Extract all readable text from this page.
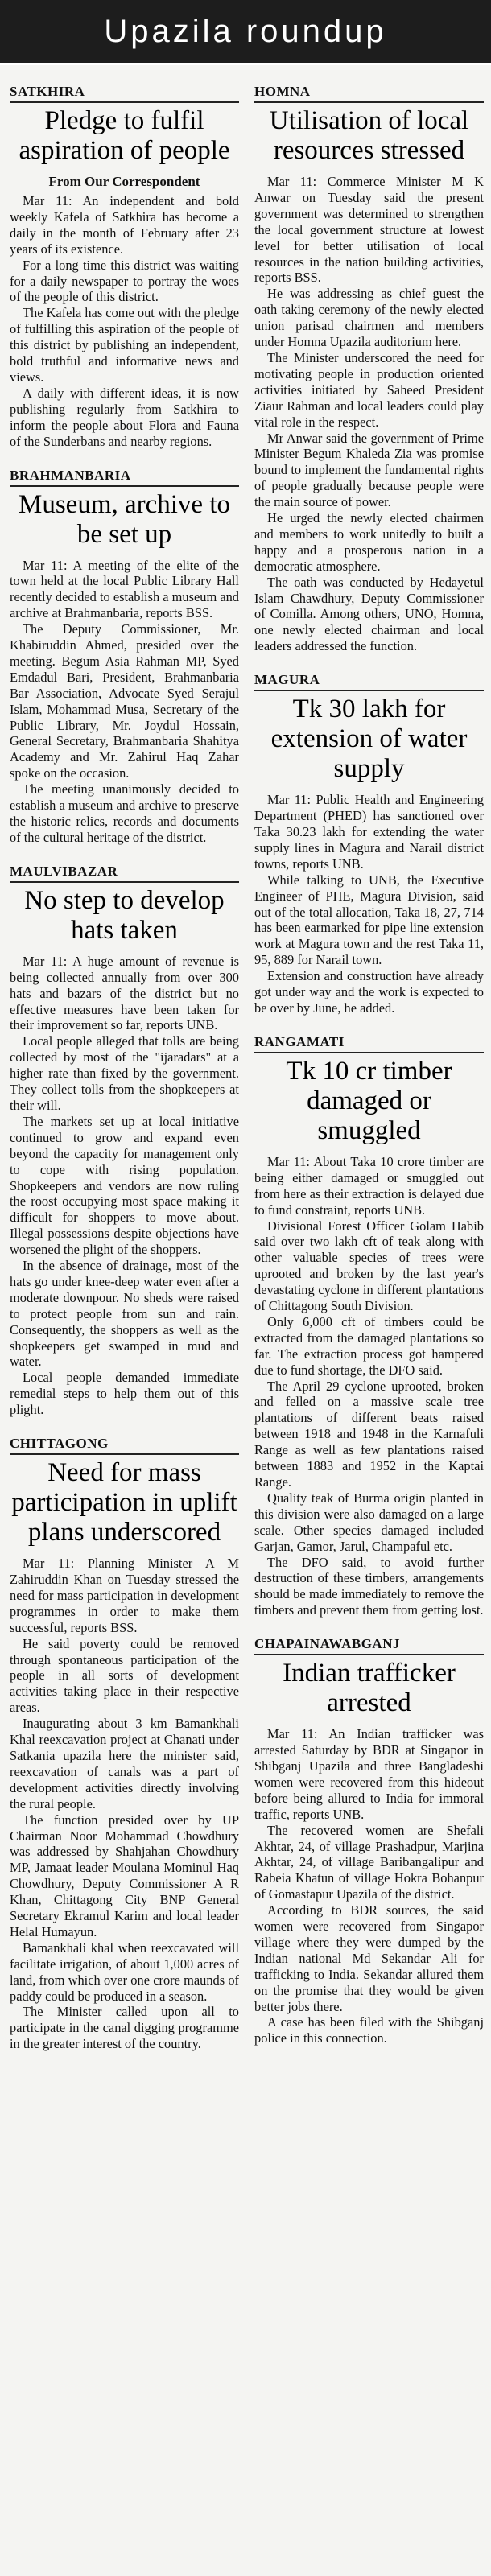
Upazila roundup
SATKHIRA
Pledge to fulfil aspiration of people
From Our Correspondent

Mar 11: An independent and bold weekly Kafela of Satkhira has become a daily in the month of February after 23 years of its existence.

For a long time this district was waiting for a daily newspaper to portray the woes of the people of this district.

The Kafela has come out with the pledge of fulfilling this aspiration of the people of this district by publishing an independent, bold truthful and informative news and views.

A daily with different ideas, it is now publishing regularly from Satkhira to inform the people about Flora and Fauna of the Sunderbans and nearby regions.

BRAHMANBARIA
Museum, archive to be set up

Mar 11: A meeting of the elite of the town held at the local Public Library Hall recently decided to establish a museum and archive at Brahmanbaria, reports BSS.

The Deputy Commissioner, Mr. Khabiruddin Ahmed, presided over the meeting. Begum Asia Rahman MP, Syed Emdadul Bari, President, Brahmanbaria Bar Association, Advocate Syed Serajul Islam, Mohammad Musa, Secretary of the Public Library, Mr. Joydul Hossain, General Secretary, Brahmanbaria Shahitya Academy and Mr. Zahirul Haq Zahar spoke on the occasion.

The meeting unanimously decided to establish a museum and archive to preserve the historic relics, records and documents of the cultural heritage of the district.

MAULVIBAZAR
No step to develop hats taken

Mar 11: A huge amount of revenue is being collected annually from over 300 hats and bazars of the district but no effective measures have been taken for their improvement so far, reports UNB.

Local people alleged that tolls are being collected by most of the "ijaradars" at a higher rate than fixed by the government. They collect tolls from the shopkeepers at their will.

The markets set up at local initiative continued to grow and expand even beyond the capacity for management only to cope with rising population. Shopkeepers and vendors are now ruling the roost occupying most space making it difficult for shoppers to move about. Illegal possessions despite objections have worsened the plight of the shoppers.

In the absence of drainage, most of the hats go under knee-deep water even after a moderate downpour. No sheds were raised to protect people from sun and rain. Consequently, the shoppers as well as the shopkeepers get swamped in mud and water.

Local people demanded immediate remedial steps to help them out of this plight.

CHITTAGONG
Need for mass participation in uplift plans underscored

Mar 11: Planning Minister A M Zahiruddin Khan on Tuesday stressed the need for mass participation in development programmes in order to make them successful, reports BSS.

He said poverty could be removed through spontaneous participation of the people in all sorts of development activities taking place in their respective areas.

Inaugurating about 3 km Bamankhali Khal reexcavation project at Chanati under Satkania upazila here the minister said, reexcavation of canals was a part of development activities directly involving the rural people.

The function presided over by UP Chairman Noor Mohammad Chowdhury was addressed by Shahjahan Chowdhury MP, Jamaat leader Moulana Mominul Haq Chowdhury, Deputy Commissioner A R Khan, Chittagong City BNP General Secretary Ekramul Karim and local leader Helal Humayun.

Bamankhali khal when reexcavated will facilitate irrigation, of about 1,000 acres of land, from which over one crore maunds of paddy could be produced in a season.

The Minister called upon all to participate in the canal digging programme in the greater interest of the country.

HOMNA
Utilisation of local resources stressed

Mar 11: Commerce Minister M K Anwar on Tuesday said the present government was determined to strengthen the local government structure at lowest level for better utilisation of local resources in the nation building activities, reports BSS.

He was addressing as chief guest the oath taking ceremony of the newly elected union parisad chairmen and members under Homna Upazila auditorium here.

The Minister underscored the need for motivating people in production oriented activities initiated by Saheed President Ziaur Rahman and local leaders could play vital role in the respect.

Mr Anwar said the government of Prime Minister Begum Khaleda Zia was promise bound to implement the fundamental rights of people gradually because people were the main source of power.

He urged the newly elected chairmen and members to work unitedly to built a happy and a prosperous nation in a democratic atmosphere.

The oath was conducted by Hedayetul Islam Chawdhury, Deputy Commissioner of Comilla. Among others, UNO, Homna, one newly elected chairman and local leaders addressed the function.

MAGURA
Tk 30 lakh for extension of water supply

Mar 11: Public Health and Engineering Department (PHED) has sanctioned over Taka 30.23 lakh for extending the water supply lines in Magura and Narail district towns, reports UNB.

While talking to UNB, the Executive Engineer of PHE, Magura Division, said out of the total allocation, Taka 18, 27, 714 has been earmarked for pipe line extension work at Magura town and the rest Taka 11, 95, 889 for Narail town.

Extension and construction have already got under way and the work is expected to be over by June, he added.

RANGAMATI
Tk 10 cr timber damaged or smuggled

Mar 11: About Taka 10 crore timber are being either damaged or smuggled out from here as their extraction is delayed due to fund constraint, reports UNB.

Divisional Forest Officer Golam Habib said over two lakh cft of teak along with other valuable species of trees were uprooted and broken by the last year's devastating cyclone in different plantations of Chittagong South Division.

Only 6,000 cft of timbers could be extracted from the damaged plantations so far. The extraction process got hampered due to fund shortage, the DFO said.

The April 29 cyclone uprooted, broken and felled on a massive scale tree plantations of different beats raised between 1918 and 1948 in the Karnafuli Range as well as few plantations raised between 1883 and 1952 in the Kaptai Range.

Quality teak of Burma origin planted in this division were also damaged on a large scale. Other species damaged included Garjan, Gamor, Jarul, Champaful etc.

The DFO said, to avoid further destruction of these timbers, arrangements should be made immediately to remove the timbers and prevent them from getting lost.

CHAPAINAWABGANJ
Indian trafficker arrested

Mar 11: An Indian trafficker was arrested Saturday by BDR at Singapor in Shibganj Upazila and three Bangladeshi women were recovered from this hideout before being allured to India for immoral traffic, reports UNB.

The recovered women are Shefali Akhtar, 24, of village Prashadpur, Marjina Akhtar, 24, of village Baribangalipur and Rabeia Khatun of village Hokra Bohanpur of Gomastapur Upazila of the district.

According to BDR sources, the said women were recovered from Singapor village where they were dumped by the Indian national Md Sekandar Ali for trafficking to India. Sekandar allured them on the promise that they would be given better jobs there.

A case has been filed with the Shibganj police in this connection.
